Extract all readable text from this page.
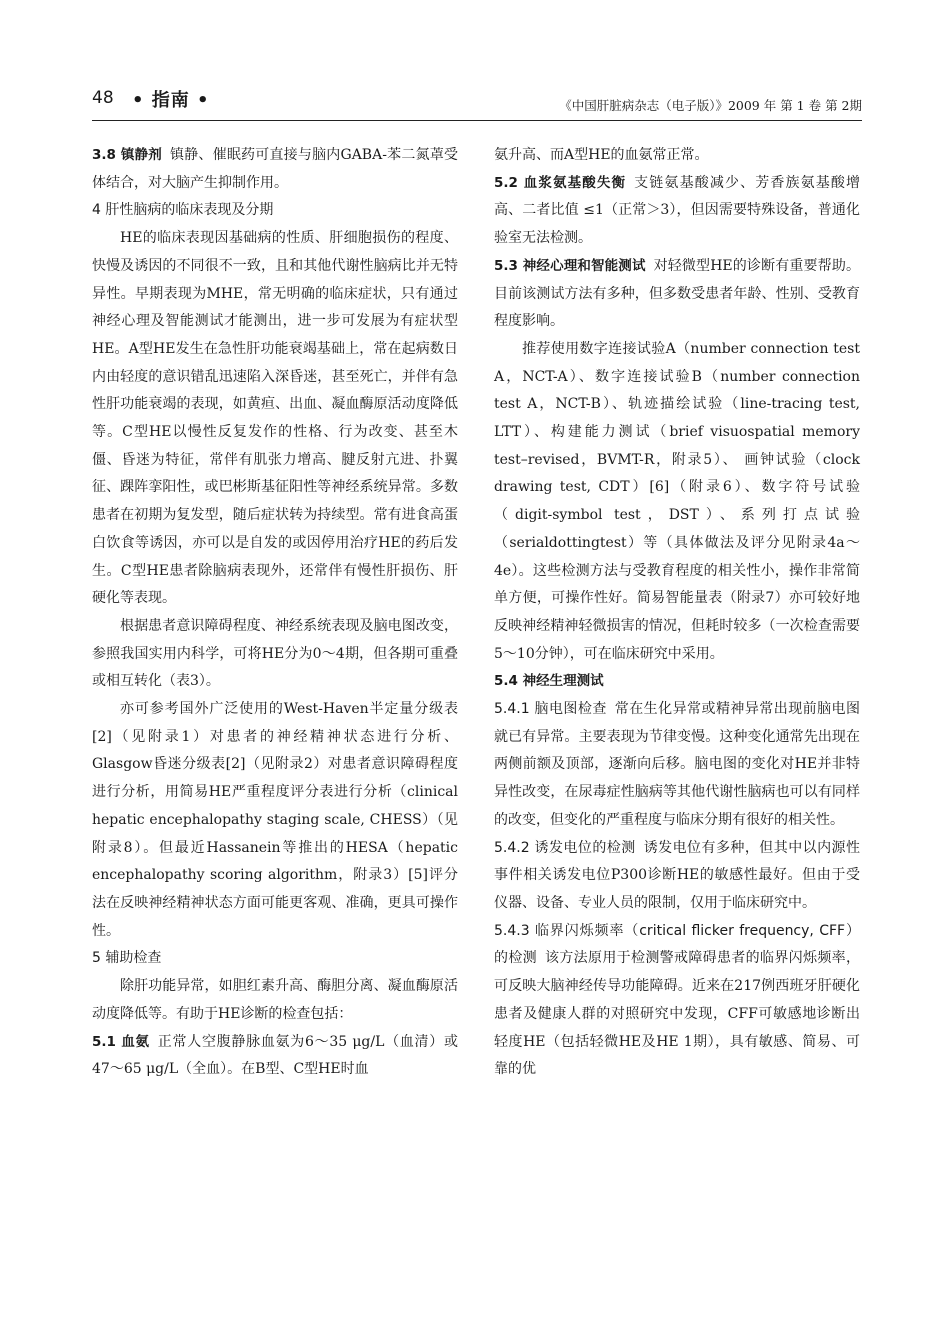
48 • 指南 •	《中国肝脏病杂志（电子版）》2009 年 第 1 卷 第 2期

3.8 镇静剂 镇静、催眠药可直接与脑内GABA-苯二氮䓬受体结合，对大脑产生抑制作用。

4 肝性脑病的临床表现及分期

HE的临床表现因基础病的性质、肝细胞损伤的程度、快慢及诱因的不同很不一致，且和其他代谢性脑病比并无特异性。早期表现为MHE，常无明确的临床症状，只有通过神经心理及智能测试才能测出，进一步可发展为有症状型HE。A型HE发生在急性肝功能衰竭基础上，常在起病数日内由轻度的意识错乱迅速陷入深昏迷，甚至死亡，并伴有急性肝功能衰竭的表现，如黄疸、出血、凝血酶原活动度降低等。C型HE以慢性反复发作的性格、行为改变、甚至木僵、昏迷为特征，常伴有肌张力增高、腱反射亢进、扑翼征、踝阵挛阳性，或巴彬斯基征阳性等神经系统异常。多数患者在初期为复发型，随后症状转为持续型。常有进食高蛋白饮食等诱因，亦可以是自发的或因停用治疗HE的药后发生。C型HE患者除脑病表现外，还常伴有慢性肝损伤、肝硬化等表现。

根据患者意识障碍程度、神经系统表现及脑电图改变，参照我国实用内科学，可将HE分为0～4期，但各期可重叠或相互转化（表3）。

亦可参考国外广泛使用的West-Haven半定量分级表[2]（见附录1）对患者的神经精神状态进行分析、Glasgow昏迷分级表[2]（见附录2）对患者意识障碍程度进行分析，用简易HE严重程度评分表进行分析（clinical hepatic encephalopathy staging scale, CHESS）（见附录8）。但最近Hassanein等推出的HESA（hepatic encephalopathy scoring algorithm，附录3）[5]评分法在反映神经精神状态方面可能更客观、准确，更具可操作性。

5 辅助检查

除肝功能异常，如胆红素升高、酶胆分离、凝血酶原活动度降低等。有助于HE诊断的检查包括：

5.1 血氨 正常人空腹静脉血氨为6～35 μg/L（血清）或47～65 μg/L（全血）。在B型、C型HE时血

氨升高、而A型HE的血氨常正常。

5.2 血浆氨基酸失衡 支链氨基酸减少、芳香族氨基酸增高、二者比值 ≤1（正常＞3），但因需要特殊设备，普通化验室无法检测。

5.3 神经心理和智能测试 对轻微型HE的诊断有重要帮助。目前该测试方法有多种，但多数受患者年龄、性别、受教育程度影响。

推荐使用数字连接试验A（number connection test A，NCT-A）、数字连接试验B（number connection test A，NCT-B）、轨迹描绘试验（line-tracing test, LTT）、构建能力测试（brief visuospatial memory test–revised，BVMT-R，附录5）、 画钟试验（clock drawing test, CDT）[6]（附录6）、数字符号试验（digit-symbol test，DST）、系列打点试验（serialdottingtest）等（具体做法及评分见附录4a～4e）。这些检测方法与受教育程度的相关性小，操作非常简单方便，可操作性好。简易智能量表（附录7）亦可较好地反映神经精神轻微损害的情况，但耗时较多（一次检查需要5～10分钟），可在临床研究中采用。

5.4 神经生理测试

5.4.1 脑电图检查 常在生化异常或精神异常出现前脑电图就已有异常。主要表现为节律变慢。这种变化通常先出现在两侧前额及顶部，逐渐向后移。脑电图的变化对HE并非特异性改变，在尿毒症性脑病等其他代谢性脑病也可以有同样的改变，但变化的严重程度与临床分期有很好的相关性。

5.4.2 诱发电位的检测 诱发电位有多种，但其中以内源性事件相关诱发电位P300诊断HE的敏感性最好。但由于受仪器、设备、专业人员的限制，仅用于临床研究中。

5.4.3 临界闪烁频率（critical flicker frequency, CFF）的检测 该方法原用于检测警戒障碍患者的临界闪烁频率，可反映大脑神经传导功能障碍。近来在217例西班牙肝硬化患者及健康人群的对照研究中发现，CFF可敏感地诊断出轻度HE（包括轻微HE及HE 1期），具有敏感、简易、可靠的优
